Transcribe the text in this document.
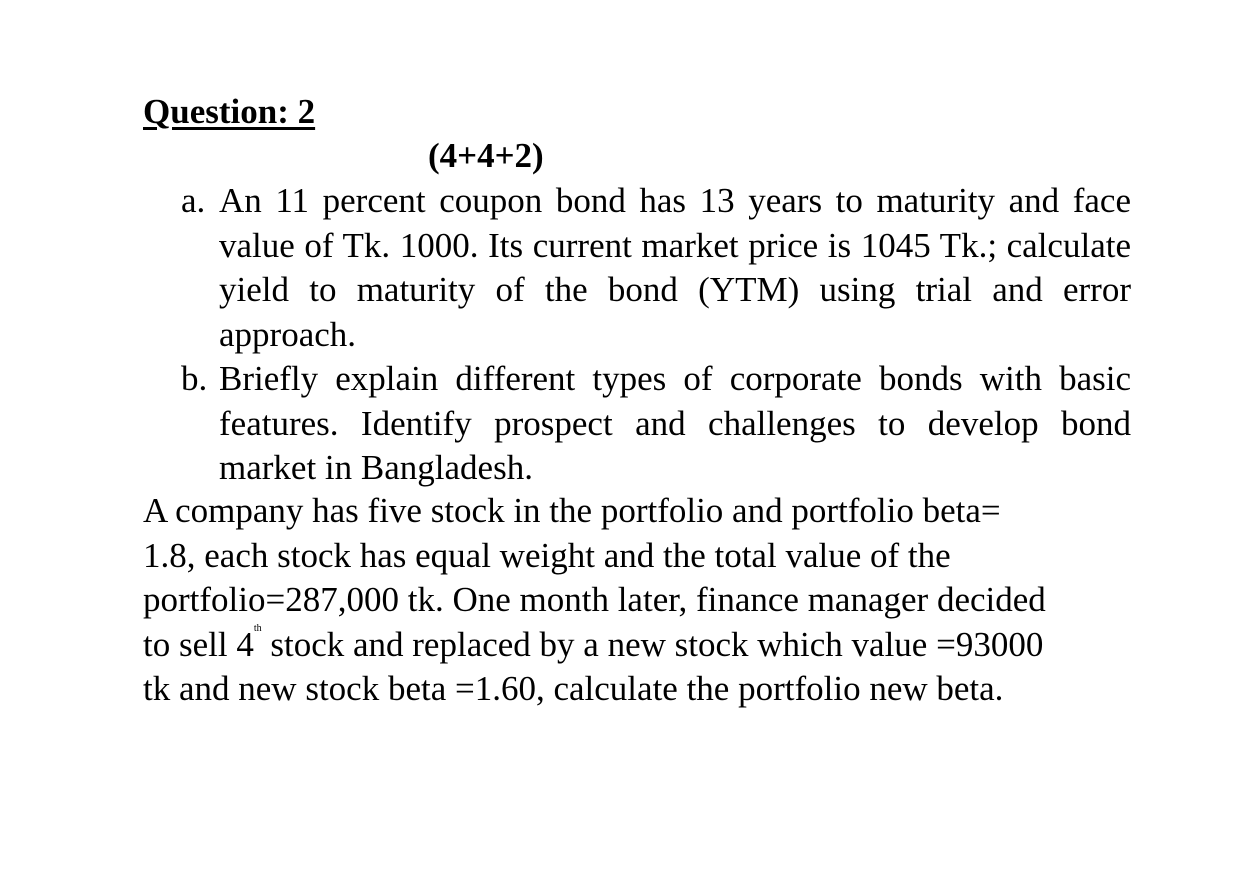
Question: 2
(4+4+2)
a. An 11 percent coupon bond has 13 years to maturity and face value of Tk. 1000. Its current market price is 1045 Tk.; calculate yield to maturity of the bond (YTM) using trial and error approach.
b. Briefly explain different types of corporate bonds with basic features. Identify prospect and challenges to develop bond market in Bangladesh.
A company has five stock in the portfolio and portfolio beta=
1.8, each stock has equal weight and the total value of the
portfolio=287,000 tk. One month later, finance manager decided
to sell 4th stock and replaced by a new stock which value =93000
tk and new stock beta =1.60, calculate the portfolio new beta.
